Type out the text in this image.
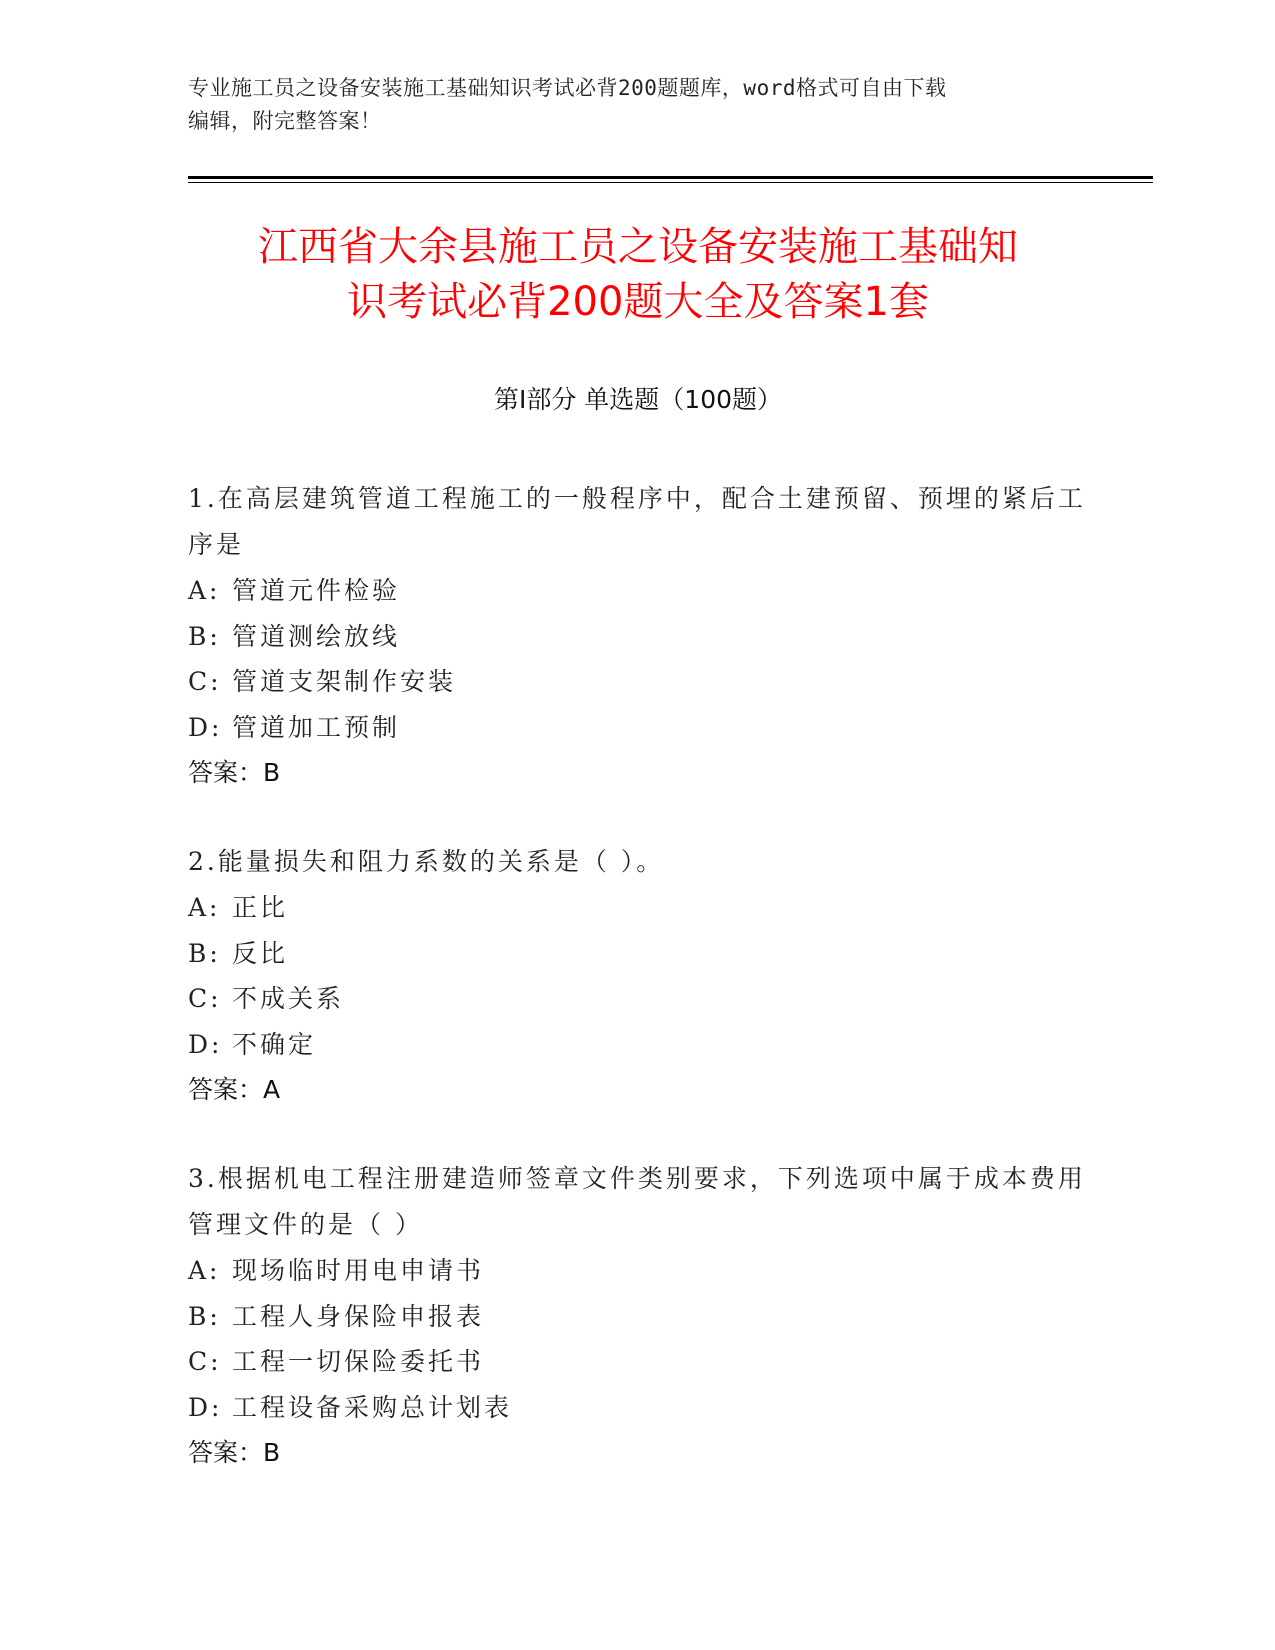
专业施工员之设备安装施工基础知识考试必背200题题库，word格式可自由下载
编辑，附完整答案！
江西省大余县施工员之设备安装施工基础知
识考试必背200题大全及答案1套
第Ⅰ部分 单选题（100题）

1.在高层建筑管道工程施工的一般程序中，配合土建预留、预埋的紧后工序是

A: 管道元件检验
B: 管道测绘放线
C: 管道支架制作安装
D: 管道加工预制

答案：B

2.能量损失和阻力系数的关系是（ ）。

A: 正比
B: 反比
C: 不成关系
D: 不确定

答案：A

3.根据机电工程注册建造师签章文件类别要求，下列选项中属于成本费用管理文件的是（ ）

A: 现场临时用电申请书
B: 工程人身保险申报表
C: 工程一切保险委托书
D: 工程设备采购总计划表

答案：B
